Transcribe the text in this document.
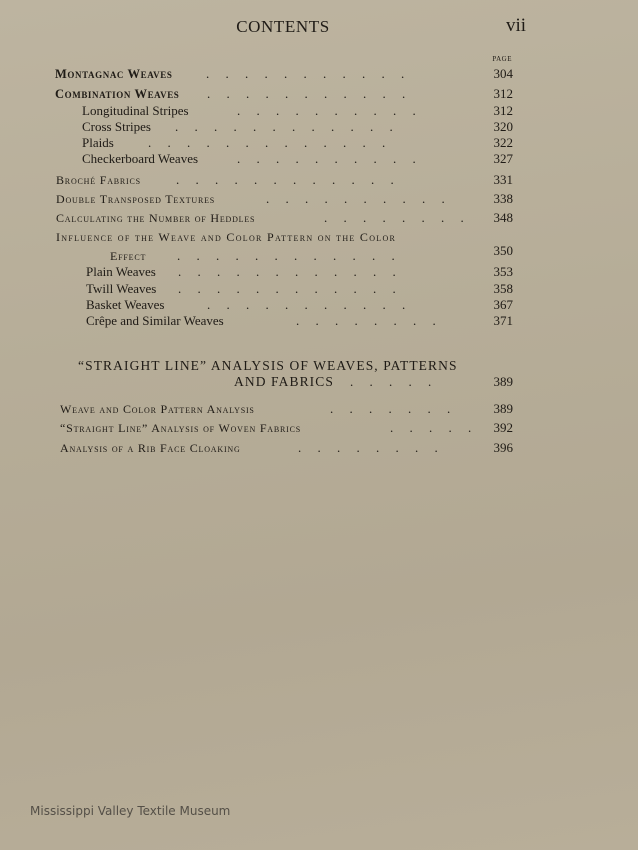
CONTENTS	vii
PAGE
Montagnac Weaves	.     .     .     .     .     .     .     .     .     .     .	304
Combination Weaves .     .     .     .     .     .     .     .     .     .     .	312
Longitudinal Stripes	.     .     .     .     .     .     .     .     .     .	312
Cross Stripes .     .     .     .     .     .     .     .     .     .     .     .	320
Plaids	.     .     .     .     .     .     .     .     .     .     .     .     .	322
Checkerboard Weaves	.     .     .     .     .     .     .     .     .     .	327
Broché Fabrics	.     .     .     .     .     .     .     .     .     .     .     .	331
Double Transposed Textures	.     .     .     .     .     .     .     .     .     .	338
Calculating the Number of Heddles	.     .     .     .     .     .     .     . 348
Influence of the Weave and Color Pattern on the Color
Effect .     .     .     .     .     .     .     .     .     .     .     .	350
Plain Weaves .     .     .     .     .     .     .     .     .     .     .     .	353
Twill Weaves .     .     .     .     .     .     .     .     .     .     .     .	358
Basket Weaves	.     .     .     .     .     .     .     .     .     .     .	367
Crêpe and Similar Weaves	.     .     .     .     .     .     .     .	371
“STRAIGHT LINE” ANALYSIS OF WEAVES, PATTERNS
AND FABRICS .     .     .     .     .	389
Weave and Color Pattern Analysis	.     .     .     .     .     .     .	389
“Straight Line” Analysis of Woven Fabrics	.     .     .     .     . 392
Analysis of a Rib Face Cloaking	.     .     .     .     .     .     .     .	396
Mississippi Valley Textile Museum
